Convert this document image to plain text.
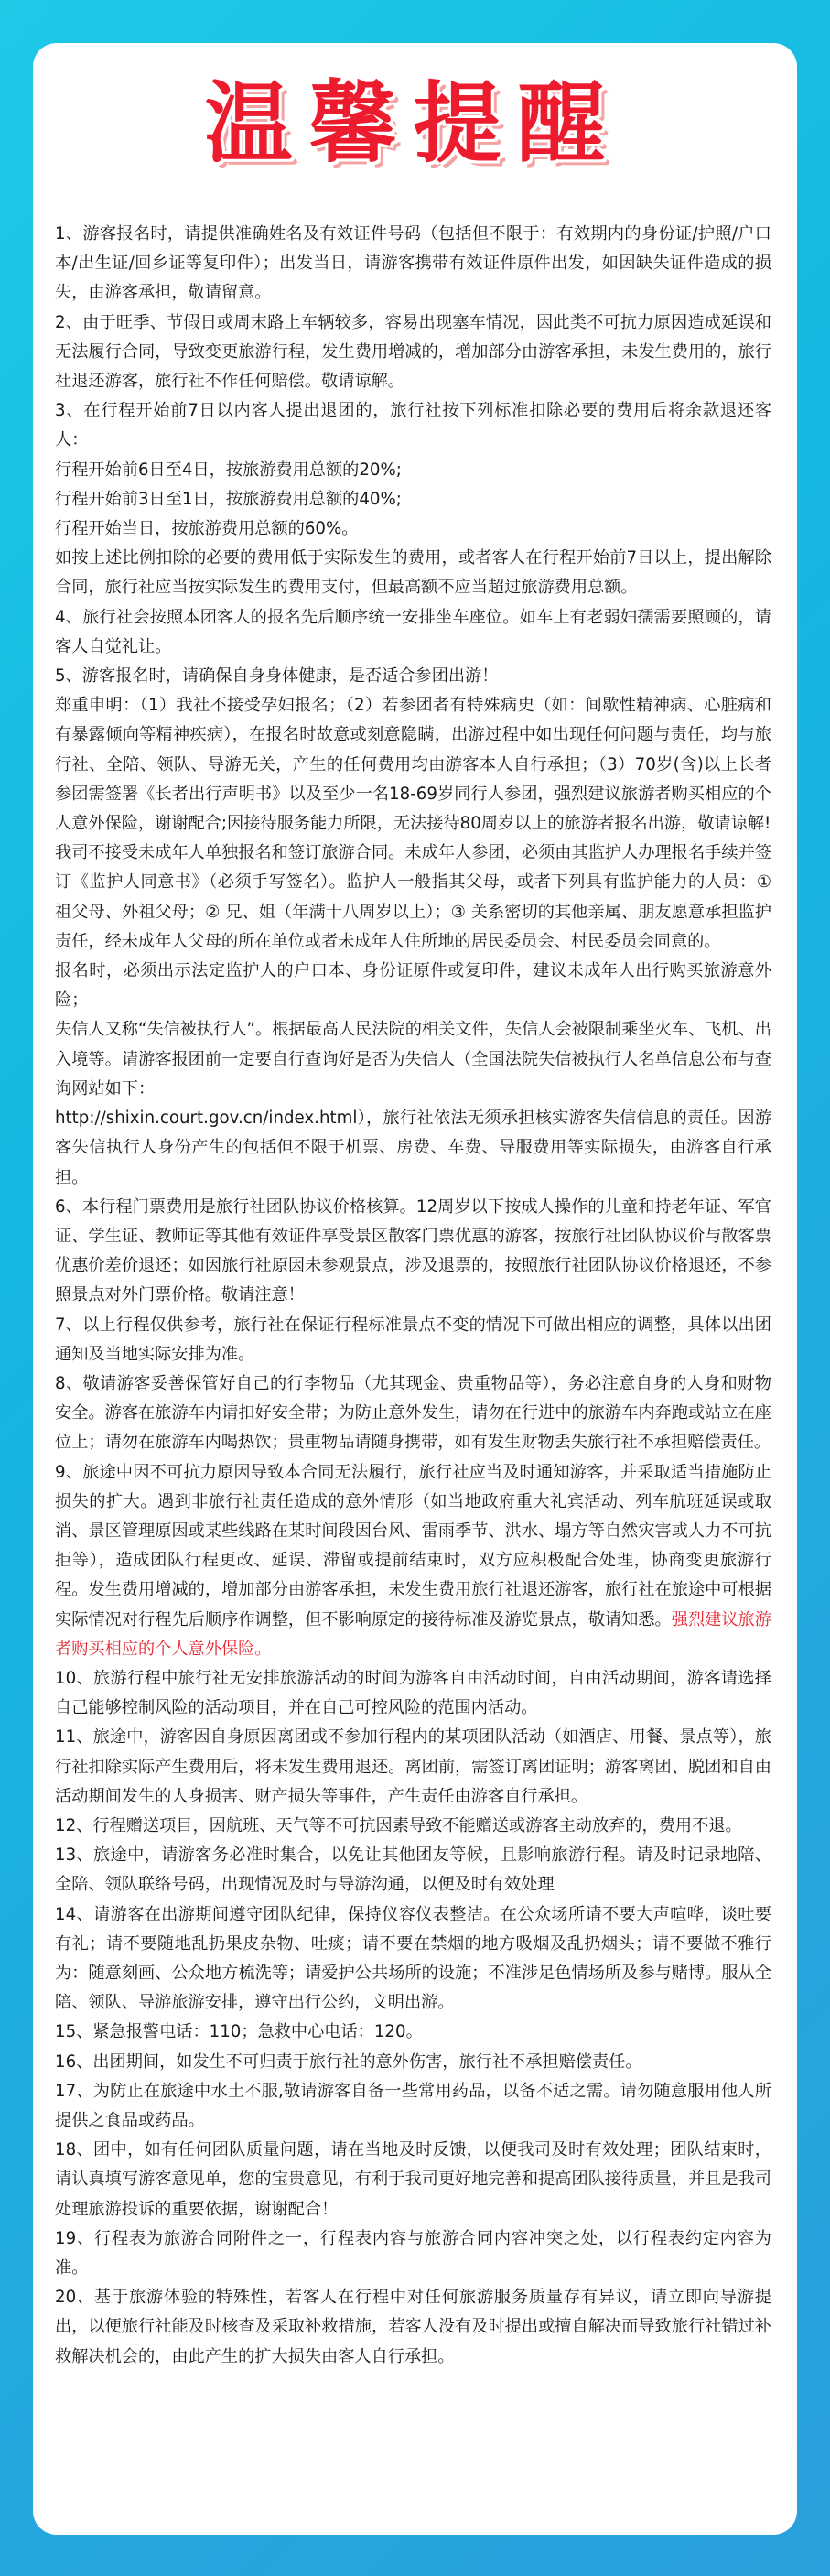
温馨提醒

1、游客报名时，请提供准确姓名及有效证件号码（包括但不限于：有效期内的身份证/护照/户口本/出生证/回乡证等复印件）；出发当日，请游客携带有效证件原件出发，如因缺失证件造成的损失，由游客承担，敬请留意。

2、由于旺季、节假日或周末路上车辆较多，容易出现塞车情况，因此类不可抗力原因造成延误和无法履行合同，导致变更旅游行程，发生费用增减的，增加部分由游客承担，未发生费用的，旅行社退还游客，旅行社不作任何赔偿。敬请谅解。

3、在行程开始前7日以内客人提出退团的，旅行社按下列标准扣除必要的费用后将余款退还客人：

行程开始前6日至4日，按旅游费用总额的20%;

行程开始前3日至1日，按旅游费用总额的40%;

行程开始当日，按旅游费用总额的60%。

如按上述比例扣除的必要的费用低于实际发生的费用，或者客人在行程开始前7日以上，提出解除合同，旅行社应当按实际发生的费用支付，但最高额不应当超过旅游费用总额。

4、旅行社会按照本团客人的报名先后顺序统一安排坐车座位。如车上有老弱妇孺需要照顾的，请客人自觉礼让。

5、游客报名时，请确保自身身体健康，是否适合参团出游！

郑重申明：（1）我社不接受孕妇报名；（2）若参团者有特殊病史（如：间歇性精神病、心脏病和有暴露倾向等精神疾病），在报名时故意或刻意隐瞒，出游过程中如出现任何问题与责任，均与旅行社、全陪、领队、导游无关，产生的任何费用均由游客本人自行承担；（3）70岁(含)以上长者参团需签署《长者出行声明书》以及至少一名18-69岁同行人参团，强烈建议旅游者购买相应的个人意外保险，谢谢配合;因接待服务能力所限，无法接待80周岁以上的旅游者报名出游，敬请谅解!

我司不接受未成年人单独报名和签订旅游合同。未成年人参团，必须由其监护人办理报名手续并签订《监护人同意书》（必须手写签名）。监护人一般指其父母，或者下列具有监护能力的人员：① 祖父母、外祖父母；② 兄、姐（年满十八周岁以上）；③ 关系密切的其他亲属、朋友愿意承担监护责任，经未成年人父母的所在单位或者未成年人住所地的居民委员会、村民委员会同意的。

报名时，必须出示法定监护人的户口本、身份证原件或复印件，建议未成年人出行购买旅游意外险；

失信人又称“失信被执行人”。根据最高人民法院的相关文件，失信人会被限制乘坐火车、飞机、出入境等。请游客报团前一定要自行查询好是否为失信人（全国法院失信被执行人名单信息公布与查询网站如下：

http://shixin.court.gov.cn/index.html），旅行社依法无须承担核实游客失信信息的责任。因游客失信执行人身份产生的包括但不限于机票、房费、车费、导服费用等实际损失，由游客自行承担。

6、本行程门票费用是旅行社团队协议价格核算。12周岁以下按成人操作的儿童和持老年证、军官证、学生证、教师证等其他有效证件享受景区散客门票优惠的游客，按旅行社团队协议价与散客票优惠价差价退还；如因旅行社原因未参观景点，涉及退票的，按照旅行社团队协议价格退还，不参照景点对外门票价格。敬请注意！

7、以上行程仅供参考，旅行社在保证行程标准景点不变的情况下可做出相应的调整，具体以出团通知及当地实际安排为准。

8、敬请游客妥善保管好自己的行李物品（尤其现金、贵重物品等），务必注意自身的人身和财物安全。游客在旅游车内请扣好安全带；为防止意外发生，请勿在行进中的旅游车内奔跑或站立在座位上；请勿在旅游车内喝热饮；贵重物品请随身携带，如有发生财物丢失旅行社不承担赔偿责任。

9、旅途中因不可抗力原因导致本合同无法履行，旅行社应当及时通知游客，并采取适当措施防止损失的扩大。遇到非旅行社责任造成的意外情形（如当地政府重大礼宾活动、列车航班延误或取消、景区管理原因或某些线路在某时间段因台风、雷雨季节、洪水、塌方等自然灾害或人力不可抗拒等），造成团队行程更改、延误、滞留或提前结束时，双方应积极配合处理，协商变更旅游行程。发生费用增减的，增加部分由游客承担，未发生费用旅行社退还游客，旅行社在旅途中可根据实际情况对行程先后顺序作调整，但不影响原定的接待标准及游览景点，敬请知悉。强烈建议旅游者购买相应的个人意外保险。

10、旅游行程中旅行社无安排旅游活动的时间为游客自由活动时间，自由活动期间，游客请选择自己能够控制风险的活动项目，并在自己可控风险的范围内活动。

11、旅途中，游客因自身原因离团或不参加行程内的某项团队活动（如酒店、用餐、景点等），旅行社扣除实际产生费用后，将未发生费用退还。离团前，需签订离团证明；游客离团、脱团和自由活动期间发生的人身损害、财产损失等事件，产生责任由游客自行承担。

12、行程赠送项目，因航班、天气等不可抗因素导致不能赠送或游客主动放弃的，费用不退。

13、旅途中，请游客务必准时集合，以免让其他团友等候，且影响旅游行程。请及时记录地陪、全陪、领队联络号码，出现情况及时与导游沟通，以便及时有效处理

14、请游客在出游期间遵守团队纪律，保持仪容仪表整洁。在公众场所请不要大声喧哗，谈吐要有礼；请不要随地乱扔果皮杂物、吐痰；请不要在禁烟的地方吸烟及乱扔烟头；请不要做不雅行为：随意刻画、公众地方梳洗等；请爱护公共场所的设施；不准涉足色情场所及参与赌博。服从全陪、领队、导游旅游安排，遵守出行公约，文明出游。

15、紧急报警电话：110；急救中心电话：120。

16、出团期间，如发生不可归责于旅行社的意外伤害，旅行社不承担赔偿责任。

17、为防止在旅途中水土不服,敬请游客自备一些常用药品，以备不适之需。请勿随意服用他人所提供之食品或药品。

18、团中，如有任何团队质量问题，请在当地及时反馈，以便我司及时有效处理；团队结束时，请认真填写游客意见单，您的宝贵意见，有利于我司更好地完善和提高团队接待质量，并且是我司处理旅游投诉的重要依据，谢谢配合！

19、行程表为旅游合同附件之一，行程表内容与旅游合同内容冲突之处，以行程表约定内容为准。

20、基于旅游体验的特殊性，若客人在行程中对任何旅游服务质量存有异议，请立即向导游提出，以便旅行社能及时核查及采取补救措施，若客人没有及时提出或擅自解决而导致旅行社错过补救解决机会的，由此产生的扩大损失由客人自行承担。
